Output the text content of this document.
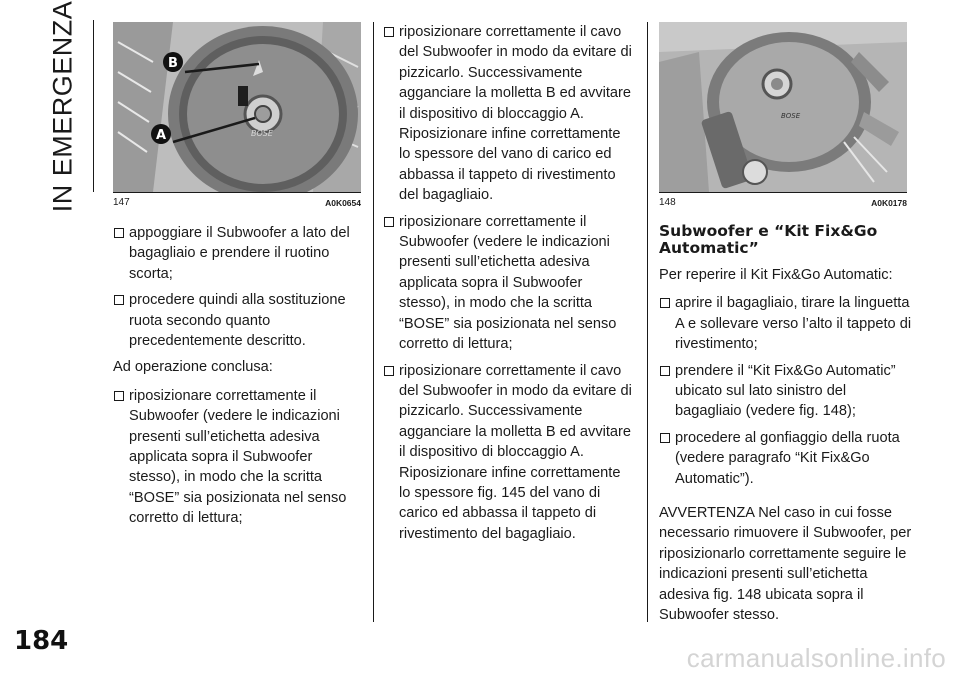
IN EMERGENZA
184
BOSE
B
A
147	A0K0654
appoggiare il Subwoofer a lato del bagagliaio e prendere il ruotino scorta;
procedere quindi alla sostituzione ruota secondo quanto precedentemente descritto.

Ad operazione conclusa:

riposizionare correttamente il Subwoofer (vedere le indicazioni presenti sull’etichetta adesiva applicata sopra il Subwoofer stesso), in modo che la scritta “BOSE” sia posizionata nel senso corretto di lettura;
riposizionare correttamente il cavo del Subwoofer in modo da evitare di pizzicarlo. Successivamente agganciare la molletta B ed avvitare il dispositivo di bloccaggio A. Riposizionare infine correttamente lo spessore del vano di carico ed abbassa il tappeto di rivestimento del bagagliaio.
riposizionare correttamente il Subwoofer (vedere le indicazioni presenti sull’etichetta adesiva applicata sopra il Subwoofer stesso), in modo che la scritta “BOSE” sia posizionata nel senso corretto di lettura;
riposizionare correttamente il cavo del Subwoofer in modo da evitare di pizzicarlo. Successivamente agganciare la molletta B ed avvitare il dispositivo di bloccaggio A. Riposizionare infine correttamente lo spessore fig. 145 del vano di carico ed abbassa il tappeto di rivestimento del bagagliaio.
BOSE
148	A0K0178
Subwoofer e “Kit Fix&Go Automatic”

Per reperire il Kit Fix&Go Automatic:

aprire il bagagliaio, tirare la linguetta A e sollevare verso l’alto il tappeto di rivestimento;
prendere il “Kit Fix&Go Automatic” ubicato sul lato sinistro del bagagliaio (vedere fig. 148);
procedere al gonfiaggio della ruota (vedere paragrafo “Kit Fix&Go Automatic”).

AVVERTENZA Nel caso in cui fosse necessario rimuovere il Subwoofer, per riposizionarlo correttamente seguire le indicazioni presenti sull’etichetta adesiva fig. 148 ubicata sopra il Subwoofer stesso.

carmanualsonline.info
